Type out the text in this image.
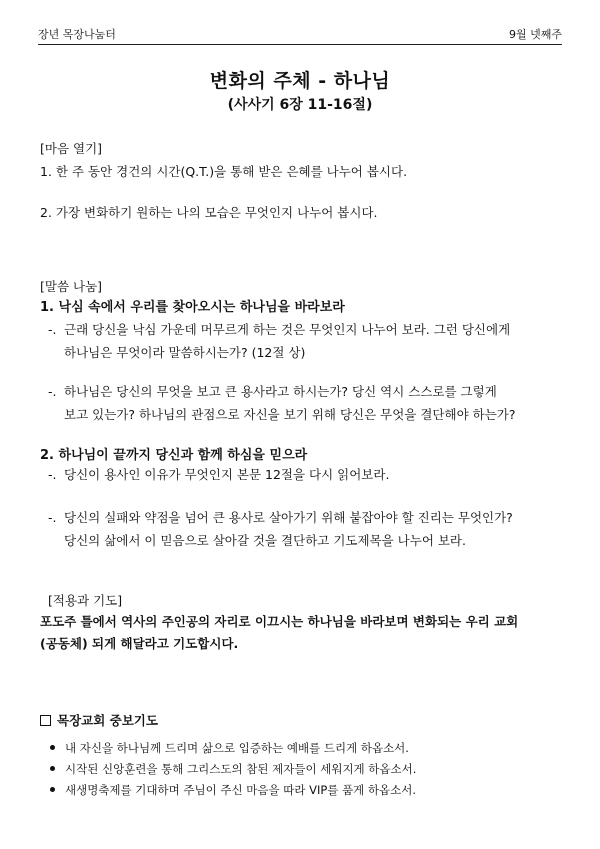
장년 목장나눔터	9월 넷째주
변화의 주체 - 하나님
(사사기 6장 11-16절)
[마음 열기]
1. 한 주 동안 경건의 시간(Q.T.)을 통해 받은 은혜를 나누어 봅시다.
2. 가장 변화하기 원하는 나의 모습은 무엇인지 나누어 봅시다.
[말씀 나눔]
1. 낙심 속에서 우리를 찾아오시는 하나님을 바라보라
-. 근래 당신을 낙심 가운데 머무르게 하는 것은 무엇인지 나누어 보라. 그런 당신에게
하나님은 무엇이라 말씀하시는가? (12절 상)
-. 하나님은 당신의 무엇을 보고 큰 용사라고 하시는가? 당신 역시 스스로를 그렇게
보고 있는가? 하나님의 관점으로 자신을 보기 위해 당신은 무엇을 결단해야 하는가?
2. 하나님이 끝까지 당신과 함께 하심을 믿으라
-. 당신이 용사인 이유가 무엇인지 본문 12절을 다시 읽어보라.
-. 당신의 실패와 약점을 넘어 큰 용사로 살아가기 위해 붙잡아야 할 진리는 무엇인가?
당신의 삶에서 이 믿음으로 살아갈 것을 결단하고 기도제목을 나누어 보라.
[적용과 기도]
포도주 틀에서 역사의 주인공의 자리로 이끄시는 하나님을 바라보며 변화되는 우리 교회
(공동체) 되게 해달라고 기도합시다.
목장교회 중보기도
내 자신을 하나님께 드리며 삶으로 입증하는 예배를 드리게 하옵소서.
시작된 신앙훈련을 통해 그리스도의 참된 제자들이 세워지게 하옵소서.
새생명축제를 기대하며 주님이 주신 마음을 따라 VIP를 품게 하옵소서.
